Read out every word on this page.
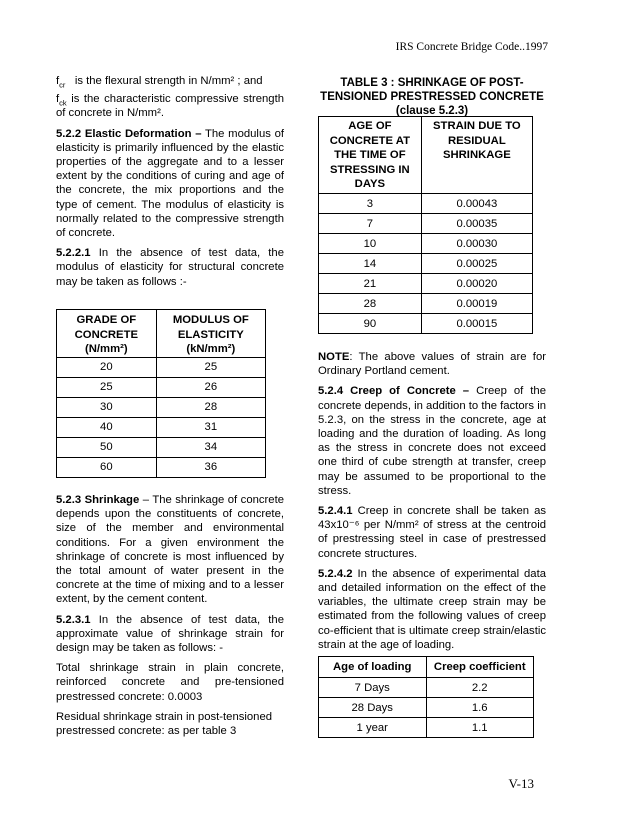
IRS Concrete Bridge Code..1997

$f_{cr}$ is the flexural strength in N/mm² ; and

$f_{ck}$ is the characteristic compressive strength of concrete in N/mm².

5.2.2 Elastic Deformation – The modulus of elasticity is primarily influenced by the elastic properties of the aggregate and to a lesser extent by the conditions of curing and age of the concrete, the mix proportions and the type of cement. The modulus of elasticity is normally related to the compressive strength of concrete.

5.2.2.1 In the absence of test data, the modulus of elasticity for structural concrete may be taken as follows :-

GRADE OF CONCRETE (N/mm²)	MODULUS OF ELASTICITY (kN/mm²)
20	25
25	26
30	28
40	31
50	34
60	36

5.2.3 Shrinkage – The shrinkage of concrete depends upon the constituents of concrete, size of the member and environmental conditions. For a given environment the shrinkage of concrete is most influenced by the total amount of water present in the concrete at the time of mixing and to a lesser extent, by the cement content.

5.2.3.1 In the absence of test data, the approximate value of shrinkage strain for design may be taken as follows: -

Total shrinkage strain in plain concrete, reinforced concrete and pre-tensioned prestressed concrete: 0.0003

Residual shrinkage strain in post-tensioned prestressed concrete: as per table 3

TABLE 3 : SHRINKAGE OF POST-TENSIONED PRESTRESSED CONCRETE (clause 5.2.3)

AGE OF CONCRETE AT THE TIME OF STRESSING IN DAYS	STRAIN DUE TO RESIDUAL SHRINKAGE
3	0.00043
7	0.00035
10	0.00030
14	0.00025
21	0.00020
28	0.00019
90	0.00015

NOTE: The above values of strain are for Ordinary Portland cement.

5.2.4 Creep of Concrete – Creep of the concrete depends, in addition to the factors in 5.2.3, on the stress in the concrete, age at loading and the duration of loading. As long as the stress in concrete does not exceed one third of cube strength at transfer, creep may be assumed to be proportional to the stress.

5.2.4.1 Creep in concrete shall be taken as 43x10⁻⁶ per N/mm² of stress at the centroid of prestressing steel in case of prestressed concrete structures.

5.2.4.2 In the absence of experimental data and detailed information on the effect of the variables, the ultimate creep strain may be estimated from the following values of creep co-efficient that is ultimate creep strain/elastic strain at the age of loading.

Age of loading	Creep coefficient
7 Days	2.2
28 Days	1.6
1 year	1.1
V-13
